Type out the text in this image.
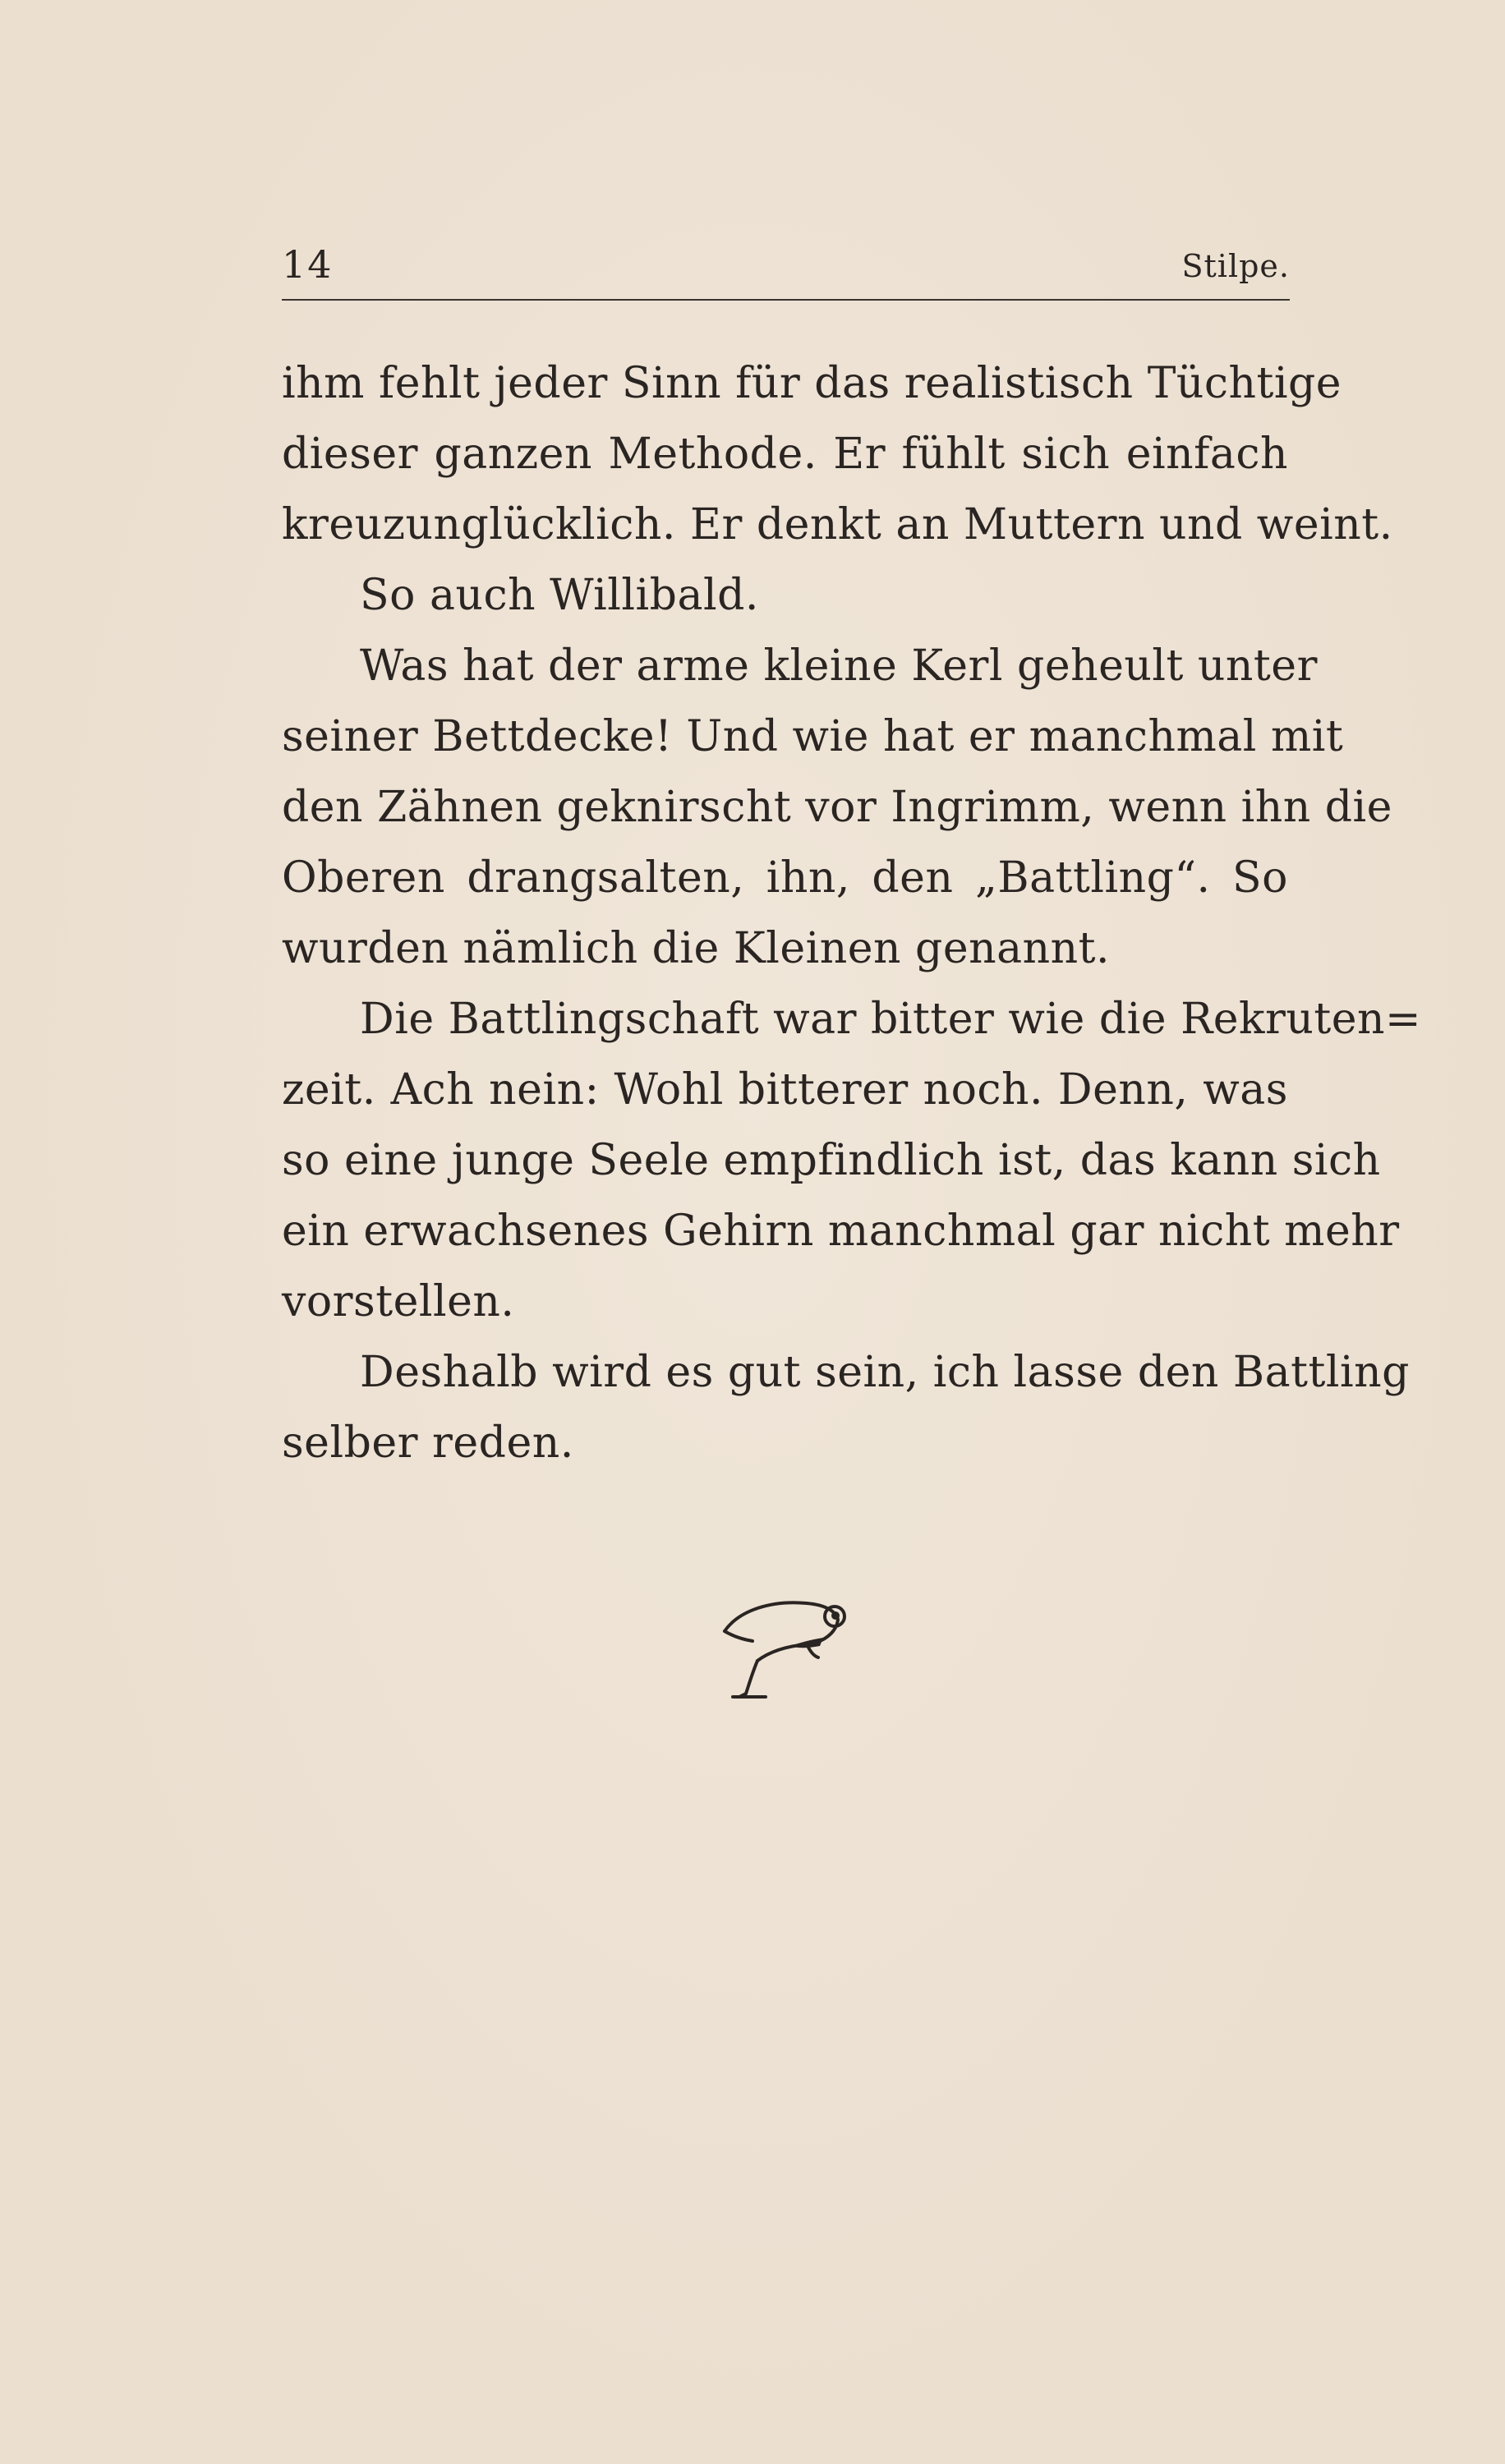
14	Stilpe.
ihm fehlt jeder Sinn für das realistisch Tüchtige
dieser ganzen Methode. Er fühlt sich einfach
kreuzunglücklich. Er denkt an Muttern und weint.
So auch Willibald.
Was hat der arme kleine Kerl geheult unter
seiner Bettdecke! Und wie hat er manchmal mit
den Zähnen geknirscht vor Ingrimm, wenn ihn die
Oberen drangsalten, ihn, den „Battling“. So
wurden nämlich die Kleinen genannt.
Die Battlingschaft war bitter wie die Rekruten=
zeit. Ach nein: Wohl bitterer noch. Denn, was
so eine junge Seele empfindlich ist, das kann sich
ein erwachsenes Gehirn manchmal gar nicht mehr
vorstellen.
Deshalb wird es gut sein, ich lasse den Battling
selber reden.
